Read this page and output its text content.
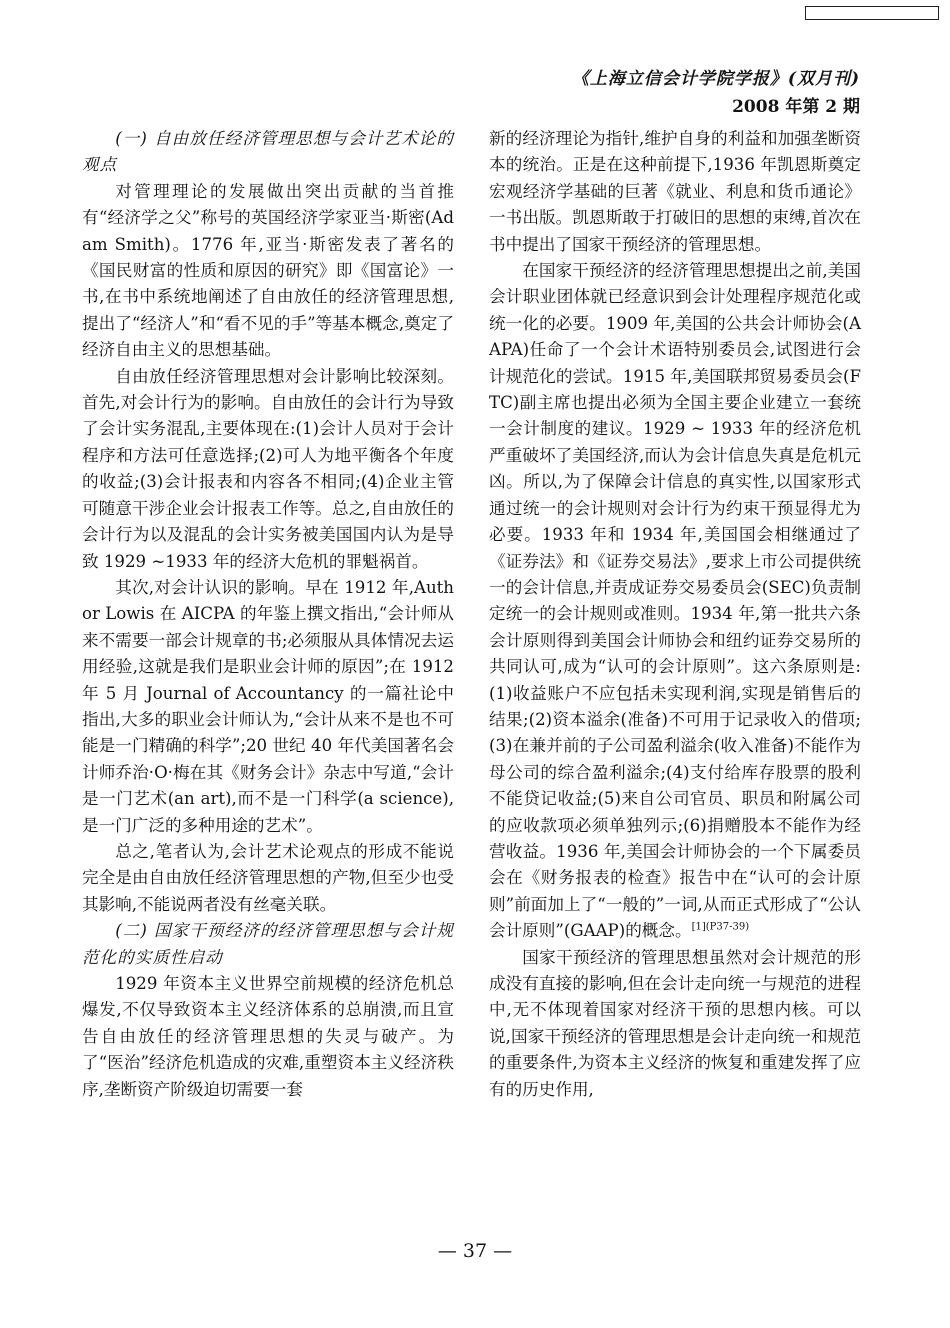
《上海立信会计学院学报》(双月刊)
2008 年第 2 期

(一) 自由放任经济管理思想与会计艺术论的观点

对管理理论的发展做出突出贡献的当首推有“经济学之父”称号的英国经济学家亚当·斯密(Adam Smith)。1776 年,亚当·斯密发表了著名的《国民财富的性质和原因的研究》即《国富论》一书,在书中系统地阐述了自由放任的经济管理思想,提出了“经济人”和“看不见的手”等基本概念,奠定了经济自由主义的思想基础。

自由放任经济管理思想对会计影响比较深刻。首先,对会计行为的影响。自由放任的会计行为导致了会计实务混乱,主要体现在:(1)会计人员对于会计程序和方法可任意选择;(2)可人为地平衡各个年度的收益;(3)会计报表和内容各不相同;(4)企业主管可随意干涉企业会计报表工作等。总之,自由放任的会计行为以及混乱的会计实务被美国国内认为是导致 1929 ~1933 年的经济大危机的罪魁祸首。

其次,对会计认识的影响。早在 1912 年,Author Lowis 在 AICPA 的年鉴上撰文指出,“会计师从来不需要一部会计规章的书;必须服从具体情况去运用经验,这就是我们是职业会计师的原因”;在 1912 年 5 月 Journal of Accountancy 的一篇社论中指出,大多的职业会计师认为,“会计从来不是也不可能是一门精确的科学”;20 世纪 40 年代美国著名会计师乔治·O·梅在其《财务会计》杂志中写道,“会计是一门艺术(an art),而不是一门科学(a science),是一门广泛的多种用途的艺术”。

总之,笔者认为,会计艺术论观点的形成不能说完全是由自由放任经济管理思想的产物,但至少也受其影响,不能说两者没有丝毫关联。

(二) 国家干预经济的经济管理思想与会计规范化的实质性启动

1929 年资本主义世界空前规模的经济危机总爆发,不仅导致资本主义经济体系的总崩溃,而且宣告自由放任的经济管理思想的失灵与破产。为了“医治”经济危机造成的灾难,重塑资本主义经济秩序,垄断资产阶级迫切需要一套

新的经济理论为指针,维护自身的利益和加强垄断资本的统治。正是在这种前提下,1936 年凯恩斯奠定宏观经济学基础的巨著《就业、利息和货币通论》一书出版。凯恩斯敢于打破旧的思想的束缚,首次在书中提出了国家干预经济的管理思想。

在国家干预经济的经济管理思想提出之前,美国会计职业团体就已经意识到会计处理程序规范化或统一化的必要。1909 年,美国的公共会计师协会(AAPA)任命了一个会计术语特别委员会,试图进行会计规范化的尝试。1915 年,美国联邦贸易委员会(FTC)副主席也提出必须为全国主要企业建立一套统一会计制度的建议。1929 ~ 1933 年的经济危机严重破坏了美国经济,而认为会计信息失真是危机元凶。所以,为了保障会计信息的真实性,以国家形式通过统一的会计规则对会计行为约束干预显得尤为必要。1933 年和 1934 年,美国国会相继通过了《证券法》和《证券交易法》,要求上市公司提供统一的会计信息,并责成证券交易委员会(SEC)负责制定统一的会计规则或准则。1934 年,第一批共六条会计原则得到美国会计师协会和纽约证券交易所的共同认可,成为“认可的会计原则”。这六条原则是:(1)收益账户不应包括未实现利润,实现是销售后的结果;(2)资本溢余(准备)不可用于记录收入的借项;(3)在兼并前的子公司盈利溢余(收入准备)不能作为母公司的综合盈利溢余;(4)支付给库存股票的股利不能贷记收益;(5)来自公司官员、职员和附属公司的应收款项必须单独列示;(6)捐赠股本不能作为经营收益。1936 年,美国会计师协会的一个下属委员会在《财务报表的检查》报告中在“认可的会计原则”前面加上了“一般的”一词,从而正式形成了“公认会计原则”(GAAP)的概念。$^{[1](P37-39)}$

国家干预经济的管理思想虽然对会计规范的形成没有直接的影响,但在会计走向统一与规范的进程中,无不体现着国家对经济干预的思想内核。可以说,国家干预经济的管理思想是会计走向统一和规范的重要条件,为资本主义经济的恢复和重建发挥了应有的历史作用,

— 37 —
